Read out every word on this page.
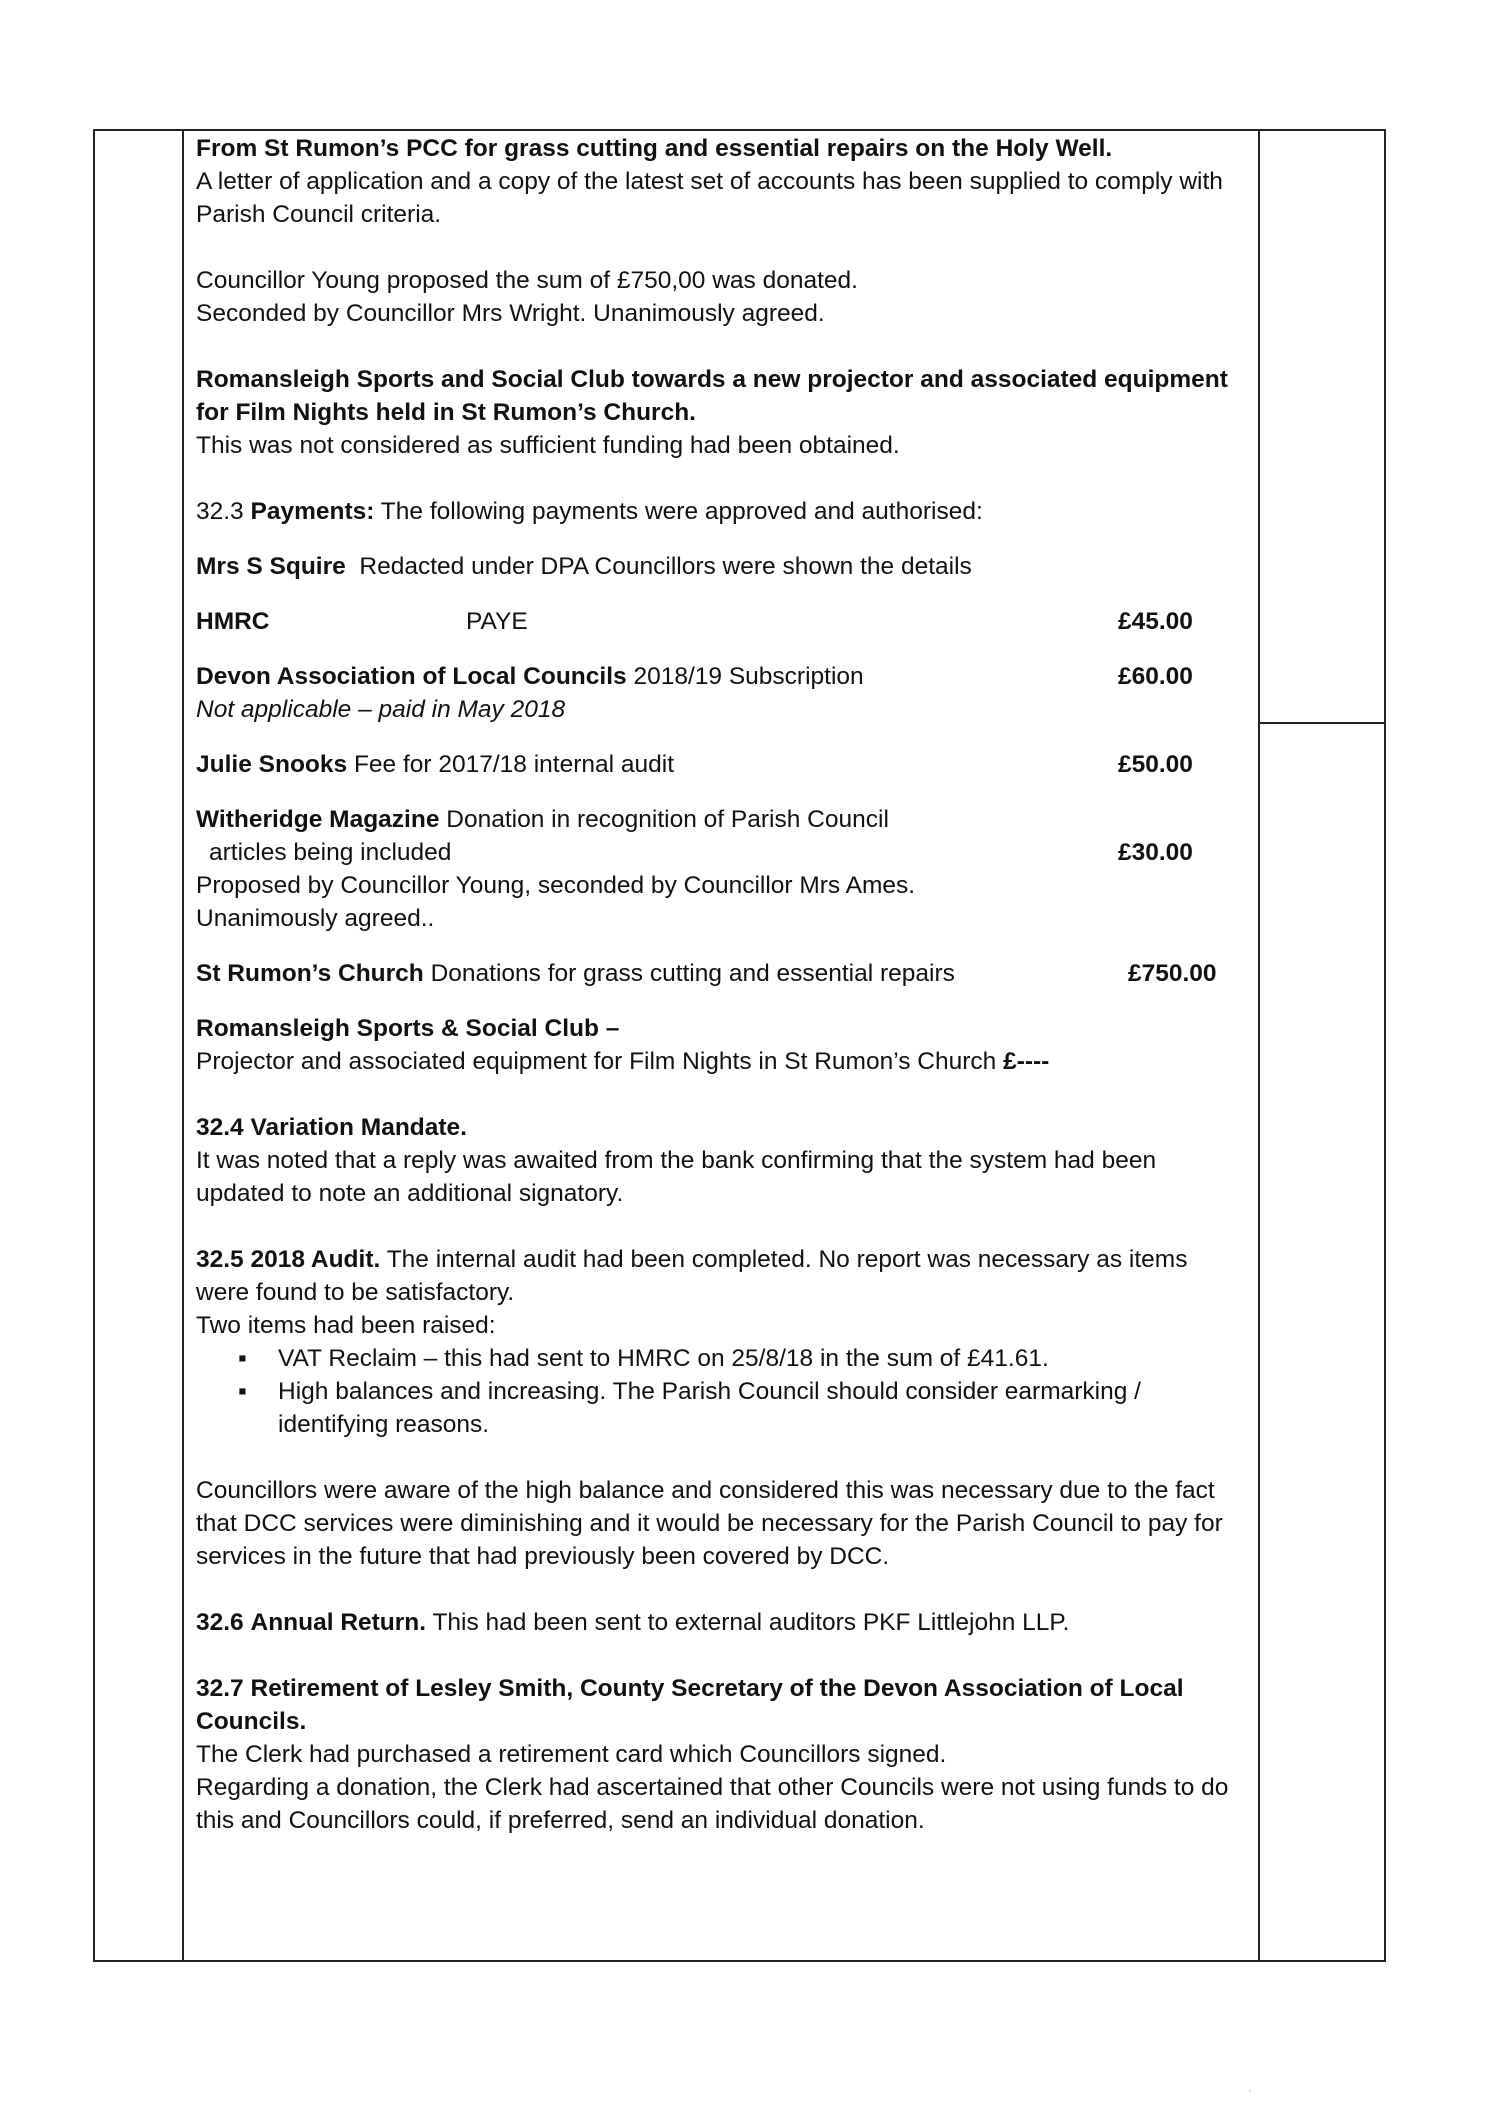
From St Rumon’s PCC for grass cutting and essential repairs on the Holy Well.

A letter of application and a copy of the latest set of accounts has been supplied to comply with Parish Council criteria.

Councillor Young proposed the sum of £750,00 was donated.

Seconded by Councillor Mrs Wright. Unanimously agreed.

Romansleigh Sports and Social Club towards a new projector and associated equipment for Film Nights held in St Rumon’s Church.

This was not considered as sufficient funding had been obtained.

32.3 Payments: The following payments were approved and authorised:

Mrs S Squire
Redacted under DPA Councillors were shown the details
HMRC	PAYE	£45.00
Devon Association of Local Councils
2018/19 Subscription	£60.00

Not applicable – paid in May 2018

Julie Snooks
Fee for 2017/18 internal audit	£50.00
Witheridge Magazine
Donation in recognition of Parish Council
articles being included	£30.00

Proposed by Councillor Young, seconded by Councillor Mrs Ames.

Unanimously agreed..

St Rumon’s Church
Donations for grass cutting and essential repairs	£750.00

Romansleigh Sports & Social Club –

Projector and associated equipment for Film Nights in St Rumon’s Church
£----

32.4 Variation Mandate.

It was noted that a reply was awaited from the bank confirming that the system had been updated to note an additional signatory.

32.5 2018 Audit. The internal audit had been completed. No report was necessary as items were found to be satisfactory.

Two items had been raised:

▪ VAT Reclaim – this had sent to HMRC on 25/8/18 in the sum of £41.61.
▪ High balances and increasing. The Parish Council should consider earmarking / identifying reasons.

Councillors were aware of the high balance and considered this was necessary due to the fact that DCC services were diminishing and it would be necessary for the Parish Council to pay for services in the future that had previously been covered by DCC.

32.6 Annual Return. This had been sent to external auditors PKF Littlejohn LLP.

32.7 Retirement of Lesley Smith, County Secretary of the Devon Association of Local Councils.

The Clerk had purchased a retirement card which Councillors signed.

Regarding a donation, the Clerk had ascertained that other Councils were not using funds to do this and Councillors could, if preferred, send an individual donation.

·
